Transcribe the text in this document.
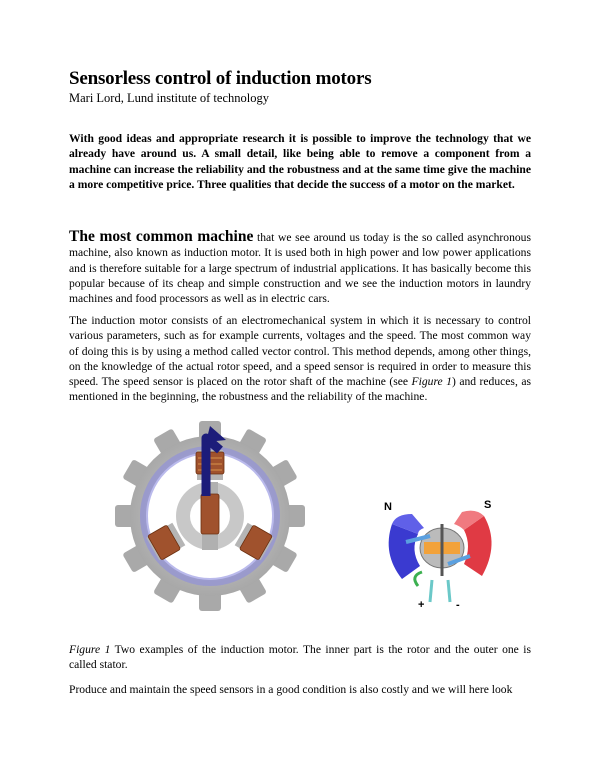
Sensorless control of induction motors
Mari Lord, Lund institute of technology

With good ideas and appropriate research it is possible to improve the technology that we already have around us. A small detail, like being able to remove a component from a machine can increase the reliability and the robustness and at the same time give the machine a more competitive price. Three qualities that decide the success of a motor on the market.

The most common machine that we see around us today is the so called asynchronous machine, also known as induction motor. It is used both in high power and low power applications and is therefore suitable for a large spectrum of industrial applications. It has basically become this popular because of its cheap and simple construction and we see the induction motors in laundry machines and food processors as well as in electric cars.

The induction motor consists of an electromechanical system in which it is necessary to control various parameters, such as for example currents, voltages and the speed. The most common way of doing this is by using a method called vector control. This method depends, among other things, on the knowledge of the actual rotor speed, and a speed sensor is required in order to measure this speed. The speed sensor is placed on the rotor shaft of the machine (see Figure 1) and reduces, as mentioned in the beginning, the robustness and the reliability of the machine.

N	S
+	-

Figure 1 Two examples of the induction motor. The inner part is the rotor and the outer one is called stator.

Produce and maintain the speed sensors in a good condition is also costly and we will here look
